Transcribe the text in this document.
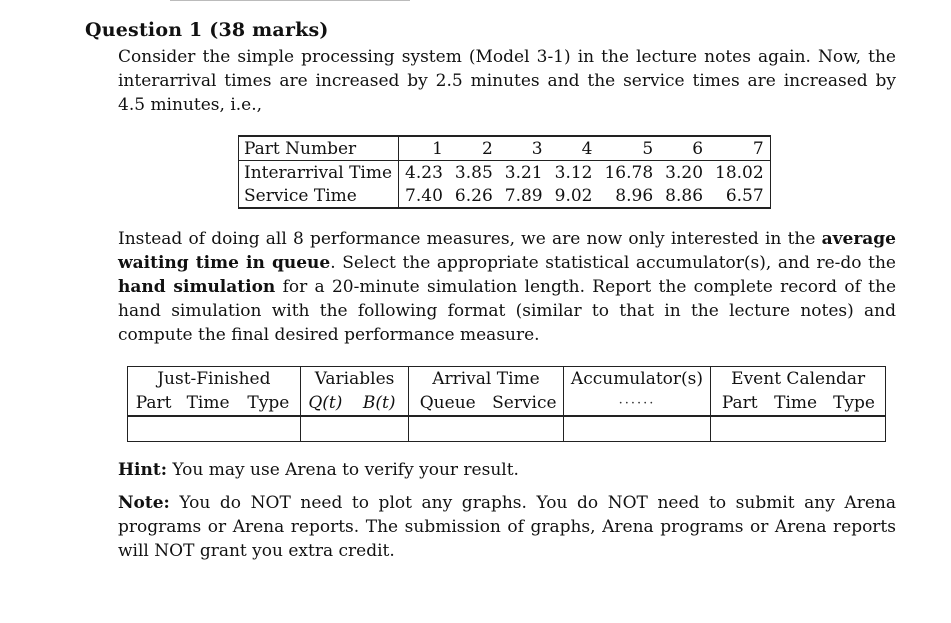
Question 1 (38 marks)
Consider the simple processing system (Model 3-1) in the lecture notes again. Now, the interarrival times are increased by 2.5 minutes and the service times are increased by 4.5 minutes, i.e.,
Part Number	1	2	3	4	5	6	7
Interarrival Time	4.23	3.85	3.21	3.12	16.78	3.20	18.02
Service Time	7.40	6.26	7.89	9.02	8.96	8.86	6.57
Instead of doing all 8 performance measures, we are now only interested in the average waiting time in queue. Select the appropriate statistical accumulator(s), and re-do the hand simulation for a 20-minute simulation length. Report the complete record of the hand simulation with the following format (similar to that in the lecture notes) and compute the final desired performance measure.
Just-Finished			Variables		Arrival Time		Accumulator(s)	Event Calendar		
Part	Time	Type	Q(t)	B(t)	Queue	Service	······	Part	Time	Type

Hint: You may use Arena to verify your result.
Note: You do NOT need to plot any graphs. You do NOT need to submit any Arena programs or Arena reports. The submission of graphs, Arena programs or Arena reports will NOT grant you extra credit.
